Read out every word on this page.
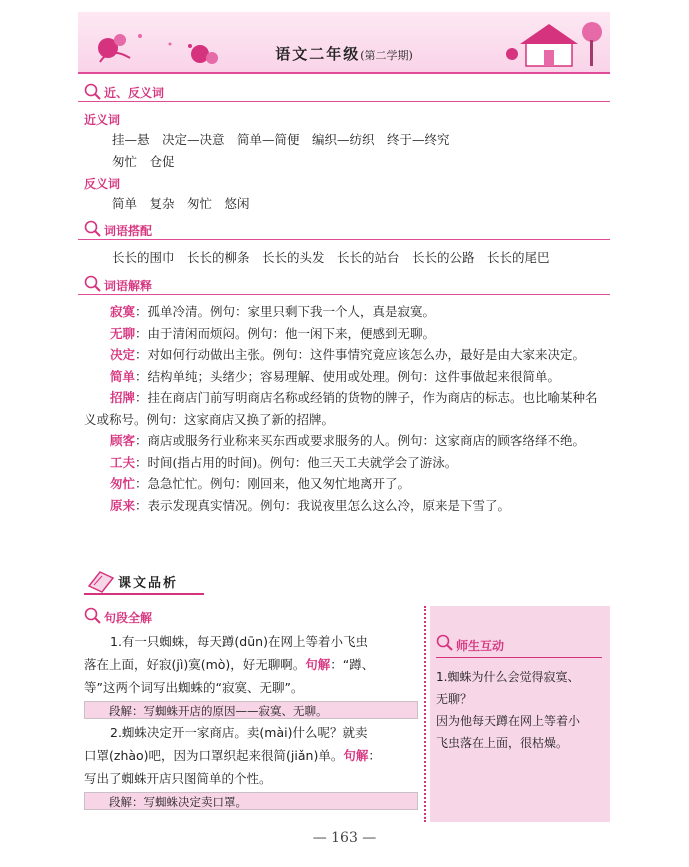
语文二年级(第二学期)
近、反义词
近义词
挂—悬　决定—决意　简单—简便　编织—纺织　终于—终究
匆忙　仓促
反义词
简单　复杂　匆忙　悠闲
词语搭配
长长的围巾　长长的柳条　长长的头发　长长的站台　长长的公路　长长的尾巴
词语解释

寂寞：孤单冷清。例句：家里只剩下我一个人，真是寂寞。

无聊：由于清闲而烦闷。例句：他一闲下来，便感到无聊。

决定：对如何行动做出主张。例句：这件事情究竟应该怎么办，最好是由大家来决定。

简单：结构单纯；头绪少；容易理解、使用或处理。例句：这件事做起来很简单。

招牌：挂在商店门前写明商店名称或经销的货物的牌子，作为商店的标志。也比喻某种名义或称号。例句：这家商店又换了新的招牌。

顾客：商店或服务行业称来买东西或要求服务的人。例句：这家商店的顾客络绎不绝。

工夫：时间(指占用的时间)。例句：他三天工夫就学会了游泳。

匆忙：急急忙忙。例句：刚回来，他又匆忙地离开了。

原来：表示发现真实情况。例句：我说夜里怎么这么冷，原来是下雪了。

课文品析
句段全解
1.有一只蜘蛛，每天蹲(dūn)在网上等着小飞虫
落在上面，好寂(jì)寞(mò)，好无聊啊。句解：“蹲、
等”这两个词写出蜘蛛的“寂寞、无聊”。
段解：写蜘蛛开店的原因——寂寞、无聊。
2.蜘蛛决定开一家商店。卖(mài)什么呢？就卖
口罩(zhào)吧，因为口罩织起来很简(jiǎn)单。句解：
写出了蜘蛛开店只图简单的个性。
段解：写蜘蛛决定卖口罩。
师生互动
1.蜘蛛为什么会觉得寂寞、
无聊？
因为他每天蹲在网上等着小
飞虫落在上面，很枯燥。
— 163 —
